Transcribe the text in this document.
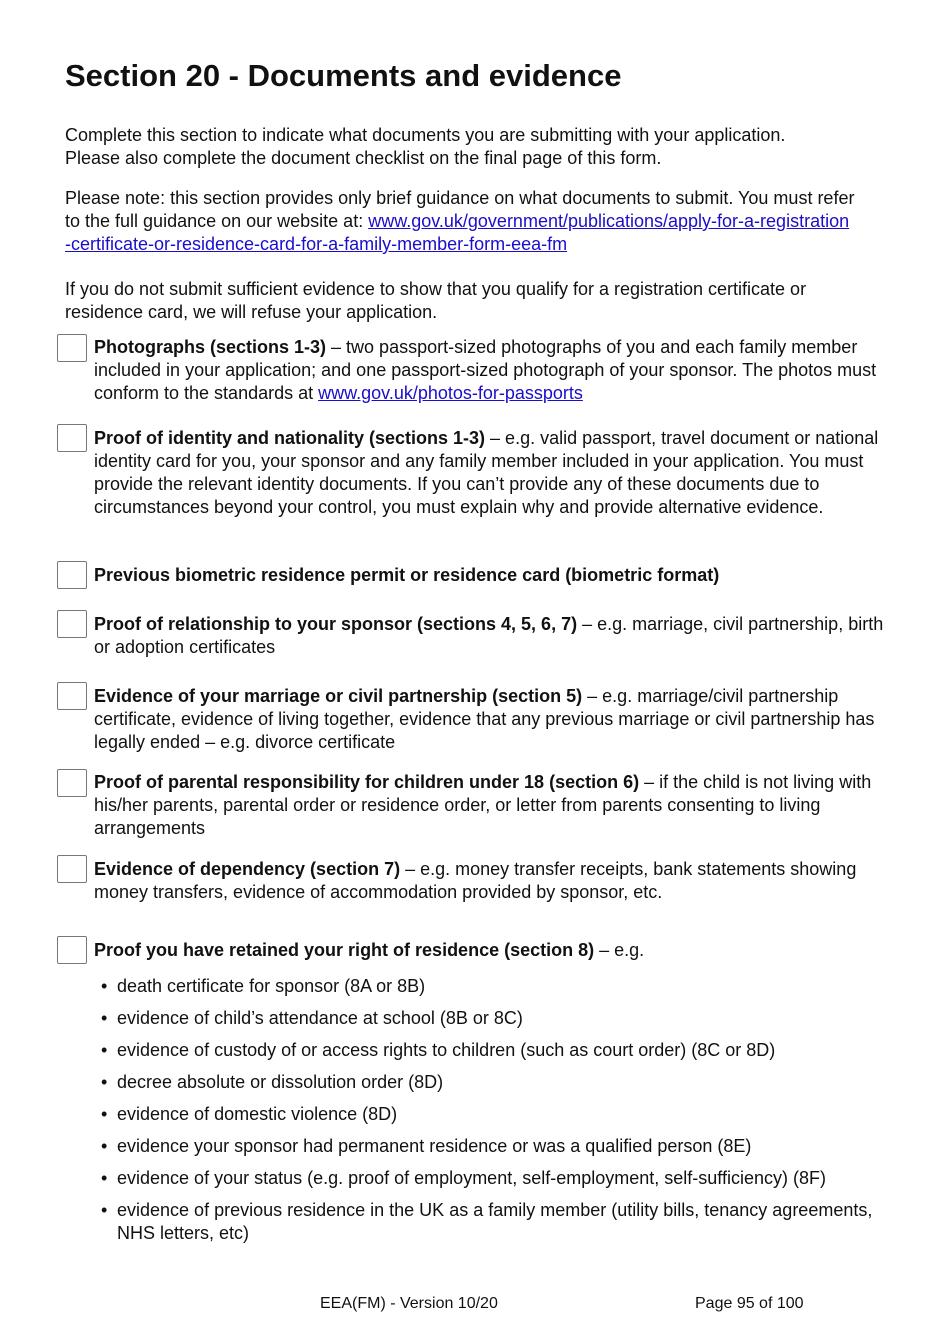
Section 20 - Documents and evidence

Complete this section to indicate what documents you are submitting with your application.
Please also complete the document checklist on the final page of this form.

Please note: this section provides only brief guidance on what documents to submit. You must refer to the full guidance on our website at: www.gov.uk/government/publications/apply-for-a-registration-certificate-or-residence-card-for-a-family-member-form-eea-fm

If you do not submit sufficient evidence to show that you qualify for a registration certificate or residence card, we will refuse your application.

Photographs (sections 1-3) – two passport-sized photographs of you and each family member included in your application; and one passport-sized photograph of your sponsor. The photos must conform to the standards at www.gov.uk/photos-for-passports

Proof of identity and nationality (sections 1-3) – e.g. valid passport, travel document or national identity card for you, your sponsor and any family member included in your application. You must provide the relevant identity documents. If you can’t provide any of these documents due to circumstances beyond your control, you must explain why and provide alternative evidence.

Previous biometric residence permit or residence card (biometric format)

Proof of relationship to your sponsor (sections 4, 5, 6, 7) – e.g. marriage, civil partnership, birth or adoption certificates

Evidence of your marriage or civil partnership (section 5) – e.g. marriage/civil partnership certificate, evidence of living together, evidence that any previous marriage or civil partnership has legally ended – e.g. divorce certificate

Proof of parental responsibility for children under 18 (section 6) – if the child is not living with his/her parents, parental order or residence order, or letter from parents consenting to living arrangements

Evidence of dependency (section 7) – e.g. money transfer receipts, bank statements showing money transfers, evidence of accommodation provided by sponsor, etc.

Proof you have retained your right of residence (section 8) – e.g.

• death certificate for sponsor (8A or 8B)
• evidence of child’s attendance at school (8B or 8C)
• evidence of custody of or access rights to children (such as court order) (8C or 8D)
• decree absolute or dissolution order (8D)
• evidence of domestic violence (8D)
• evidence your sponsor had permanent residence or was a qualified person (8E)
• evidence of your status (e.g. proof of employment, self-employment, self-sufficiency) (8F)
• evidence of previous residence in the UK as a family member (utility bills, tenancy agreements, NHS letters, etc)
EEA(FM) - Version 10/20	Page 95 of 100
